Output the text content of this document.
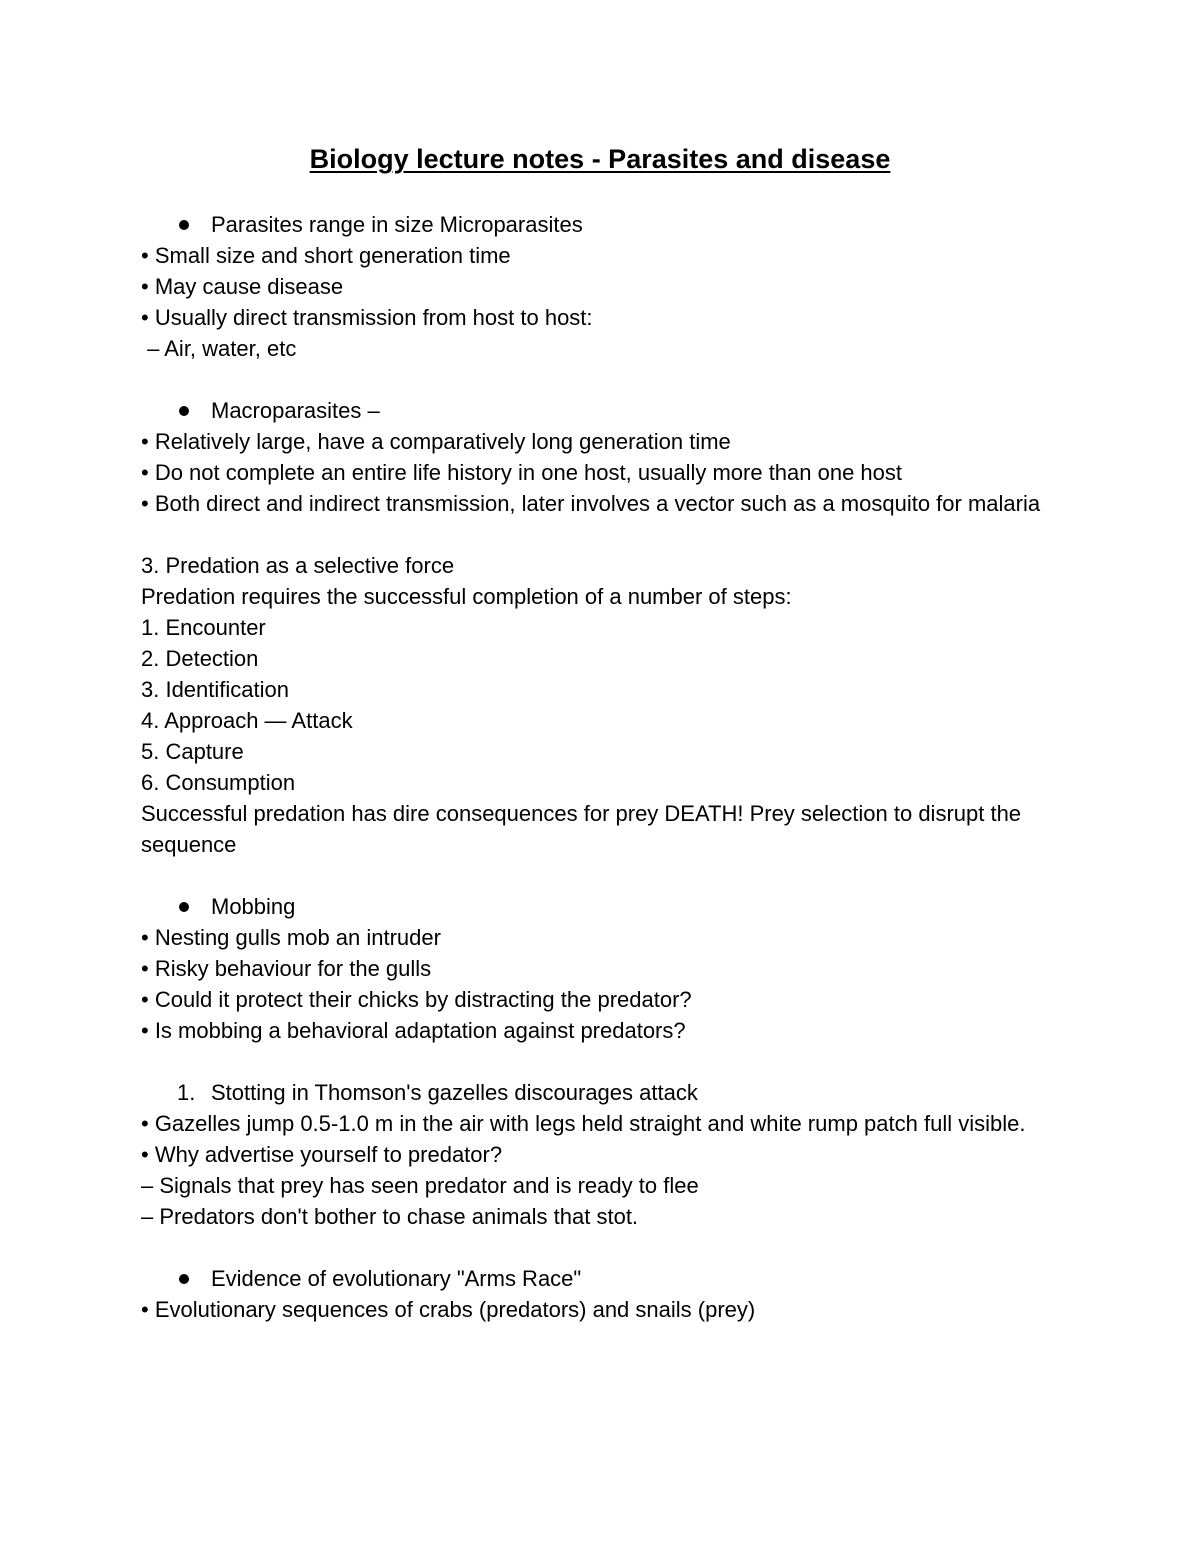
Biology lecture notes - Parasites and disease
Parasites range in size Microparasites
• Small size and short generation time
• May cause disease
• Usually direct transmission from host to host:
– Air, water, etc
Macroparasites –
• Relatively large, have a comparatively long generation time
• Do not complete an entire life history in one host, usually more than one host
• Both direct and indirect transmission, later involves a vector such as a mosquito for malaria
3. Predation as a selective force
Predation requires the successful completion of a number of steps:
1. Encounter
2. Detection
3. Identification
4. Approach — Attack
5. Capture
6. Consumption
Successful predation has dire consequences for prey DEATH! Prey selection to disrupt the sequence
Mobbing
• Nesting gulls mob an intruder
• Risky behaviour for the gulls
• Could it protect their chicks by distracting the predator?
• Is mobbing a behavioral adaptation against predators?
1. Stotting in Thomson's gazelles discourages attack
• Gazelles jump 0.5-1.0 m in the air with legs held straight and white rump patch full visible.
• Why advertise yourself to predator?
– Signals that prey has seen predator and is ready to flee
– Predators don't bother to chase animals that stot.
Evidence of evolutionary "Arms Race"
• Evolutionary sequences of crabs (predators) and snails (prey)
